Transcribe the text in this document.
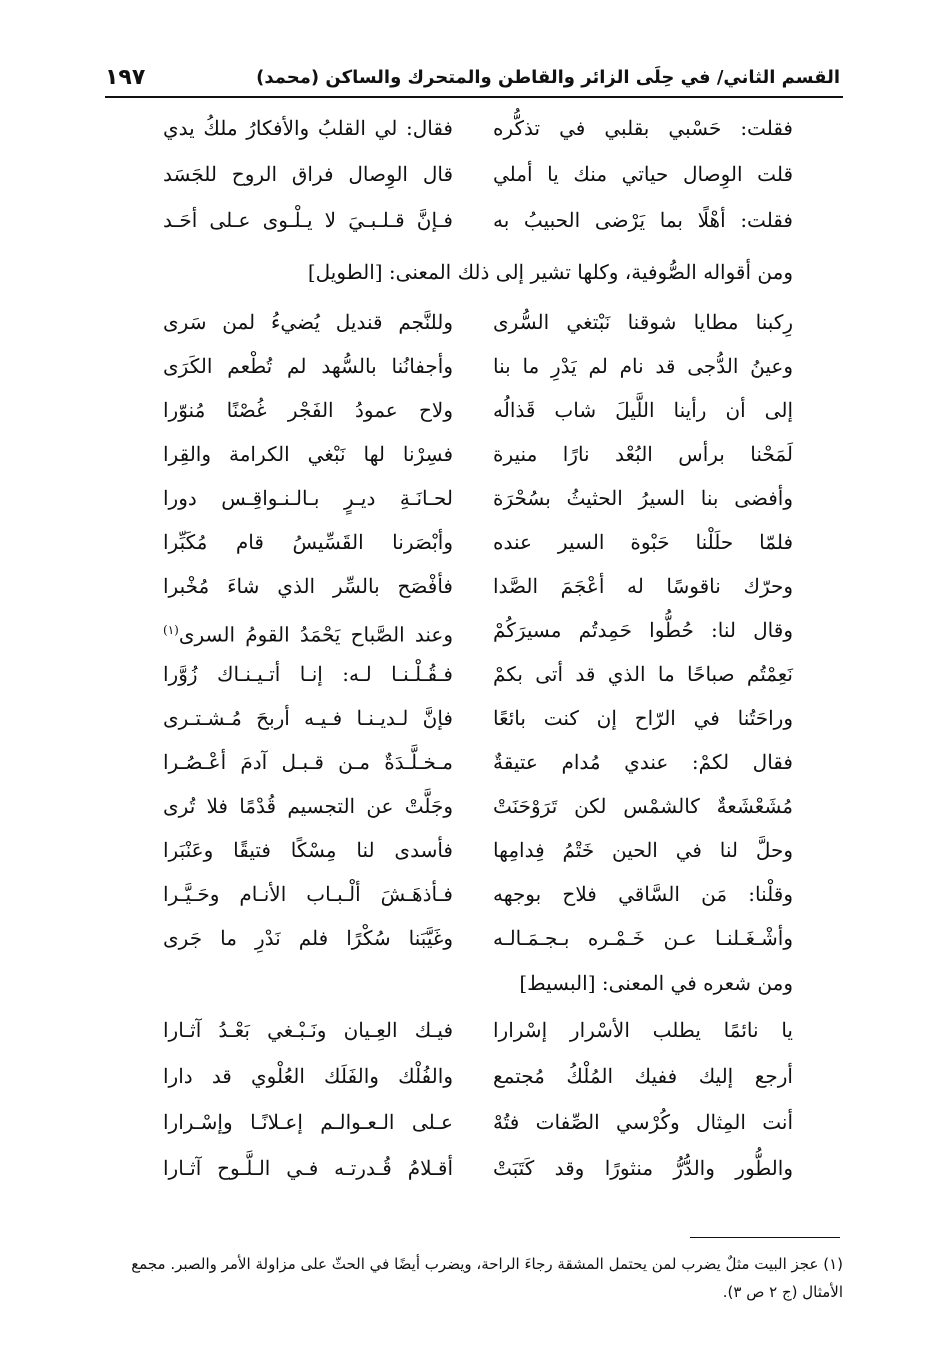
القسم الثاني/ في حِلَى الزائر والقاطن والمتحرك والساكن (محمد)
١٩٧
فقلت: حَسْبي بقلبي في تذكُّره
فقال: لي القلبُ والأفكارُ ملكُ يدي
قلت الوِصال حياتي منك يا أملي
قال الوِصال فراق الروح للجَسَد
فقلت: أهْلًا بما يَرْضى الحبيبُ به
فـإنَّ قـلـبـيَ لا يـلْـوى عـلى أحَـد
ومن أقواله الصُّوفية، وكلها تشير إلى ذلك المعنى: [الطويل]
رِكبنا مطايا شوقنا نَبْتغي السُّرى
وللنَّجم قنديل يُضيءُ لمن سَرى
وعينُ الدُّجى قد نام لم يَدْرِ ما بنا
وأجفانُنا بالسُّهد لم تُطْعم الكَرَى
إلى أن رأينا اللَّيلَ شاب قَذالُه
ولاح عمودُ الفَجْر غُصْنًا مُنوّرا
لَمَحْنا برأس البُعْد نارًا منيرة
فسِرْنا لها نَبْغي الكرامة والقِرا
وأفضى بنا السيرُ الحثيثُ بسُحْرَة
لحـانَـةِ ديـرٍ بـالـنـواقِـس دورا
فلمّا حلَلْنا حَبْوة السير عنده
وأبْصَرنا القَسِّيسُ قام مُكَبِّرا
وحرّك ناقوسًا له أعْجَمَ الصَّدا
فأفْصَح بالسِّر الذي شاءَ مُخْبرا
وقال لنا: حُطُّوا حَمِدتُم مسيرَكُمْ
وعند الصَّباح يَحْمَدُ القومُ السرى$^{(١)}$
نَعِمْتُم صباحًا ما الذي قد أتى بكمْ
فـقُـلْـنـا لـه: إنـا أتـيـنـاك زُوَّرا
وراحَتُنا في الرّاح إن كنت بائعًا
فإنَّ لـديـنـا فـيـه أربحَ مُـشـتـرى
فقال لكمْ: عندي مُدام عتيقةٌ
مـخـلَّـدَةٌ مـن قـبـل آدمَ أعْـصُـرا
مُشَعْشَعةٌ كالشمْس لكن تَرَوْحَنَتْ
وجَلَّتْ عن التجسيم قُدْمًا فلا تُرى
وحلَّ لنا في الحين خَتْمُ فِدامِها
فأسدى لنا مِسْكًا فتيقًا وعَنْبَرا
وقلْنا: مَن السَّاقي فلاح بوجهه
فـأذهَـشَ ألْـبـاب الأنـام وحَـيَّـرا
وأشْـغَـلنـا عـن خَـمْـره بـجـمَـالـه
وغَيَّبَنا سُكْرًا فلم نَدْرِ ما جَرى
ومن شعره في المعنى: [البسيط]
يا نائمًا يطلب الأسْرار إسْرارا
فيـك العِـيان ونَـبْـغي بَعْـدُ آثـارا
أرجع إليك ففيك المُلْكُ مُجتمع
والفُلْك والفَلَك العُلْوي قد دارا
أنت المِثال وكُرْسي الصِّفات فتُهْ
عـلى الـعـوالـم إعـلانًـا وإسْـرارا
والطُّور والدُّرُّ منثورًا وقد كَتَبَتْ
أقـلامُ قُـدرتـه فـي الـلَّـوح آثـارا
(١) عجز البيت مثلٌ يضرب لمن يحتمل المشقة رجاءَ الراحة، ويضرب أيضًا في الحثّ على مزاولة الأمر والصبر. مجمع الأمثال (ج ٢ ص ٣).
